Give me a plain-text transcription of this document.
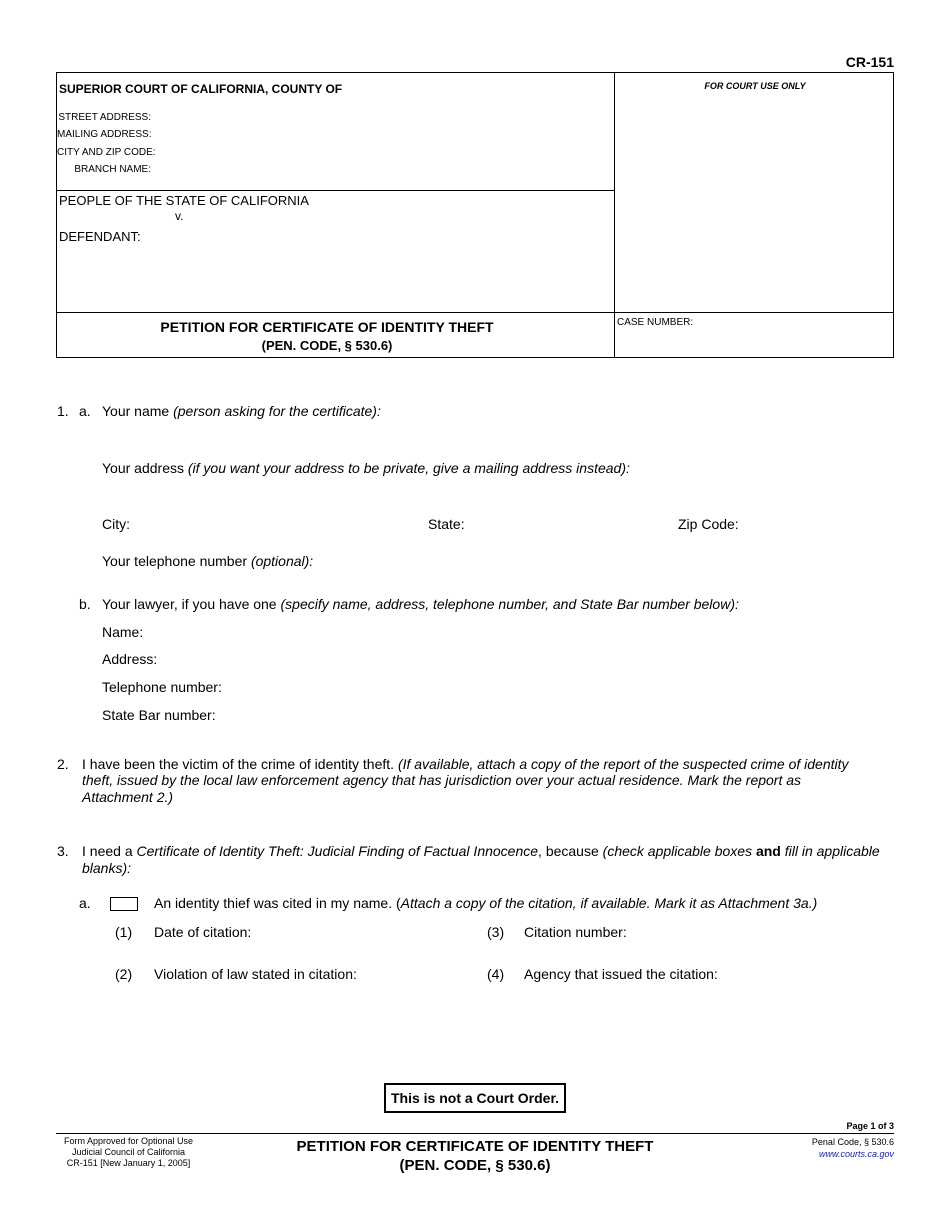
CR-151
SUPERIOR COURT OF CALIFORNIA, COUNTY OF
STREET ADDRESS:
MAILING ADDRESS:
CITY AND ZIP CODE:
BRANCH NAME:
PEOPLE OF THE STATE OF CALIFORNIA
v.
DEFENDANT:
FOR COURT USE ONLY
PETITION FOR CERTIFICATE OF IDENTITY THEFT
(PEN. CODE, § 530.6)
CASE NUMBER:
1. a. Your name (person asking for the certificate):
Your address (if you want your address to be private, give a mailing address instead):
City:	State:	Zip Code:
Your telephone number (optional):
b. Your lawyer, if you have one (specify name, address, telephone number, and State Bar number below):
Name:
Address:
Telephone number:
State Bar number:
2. I have been the victim of the crime of identity theft. (If available, attach a copy of the report of the suspected crime of identity
theft, issued by the local law enforcement agency that has jurisdiction over your actual residence. Mark the report as
Attachment 2.)
3. I need a Certificate of Identity Theft: Judicial Finding of Factual Innocence, because (check applicable boxes and fill in applicable
blanks):
a.	An identity thief was cited in my name. (Attach a copy of the citation, if available. Mark it as Attachment 3a.)
(1) Date of citation:	(3) Citation number:
(2) Violation of law stated in citation:	(4) Agency that issued the citation:
This is not a Court Order.
Page 1 of 3
Form Approved for Optional Use
Judicial Council of California
CR-151 [New January 1, 2005]
PETITION FOR CERTIFICATE OF IDENTITY THEFT
(PEN. CODE, § 530.6)
Penal Code, § 530.6
www.courts.ca.gov
